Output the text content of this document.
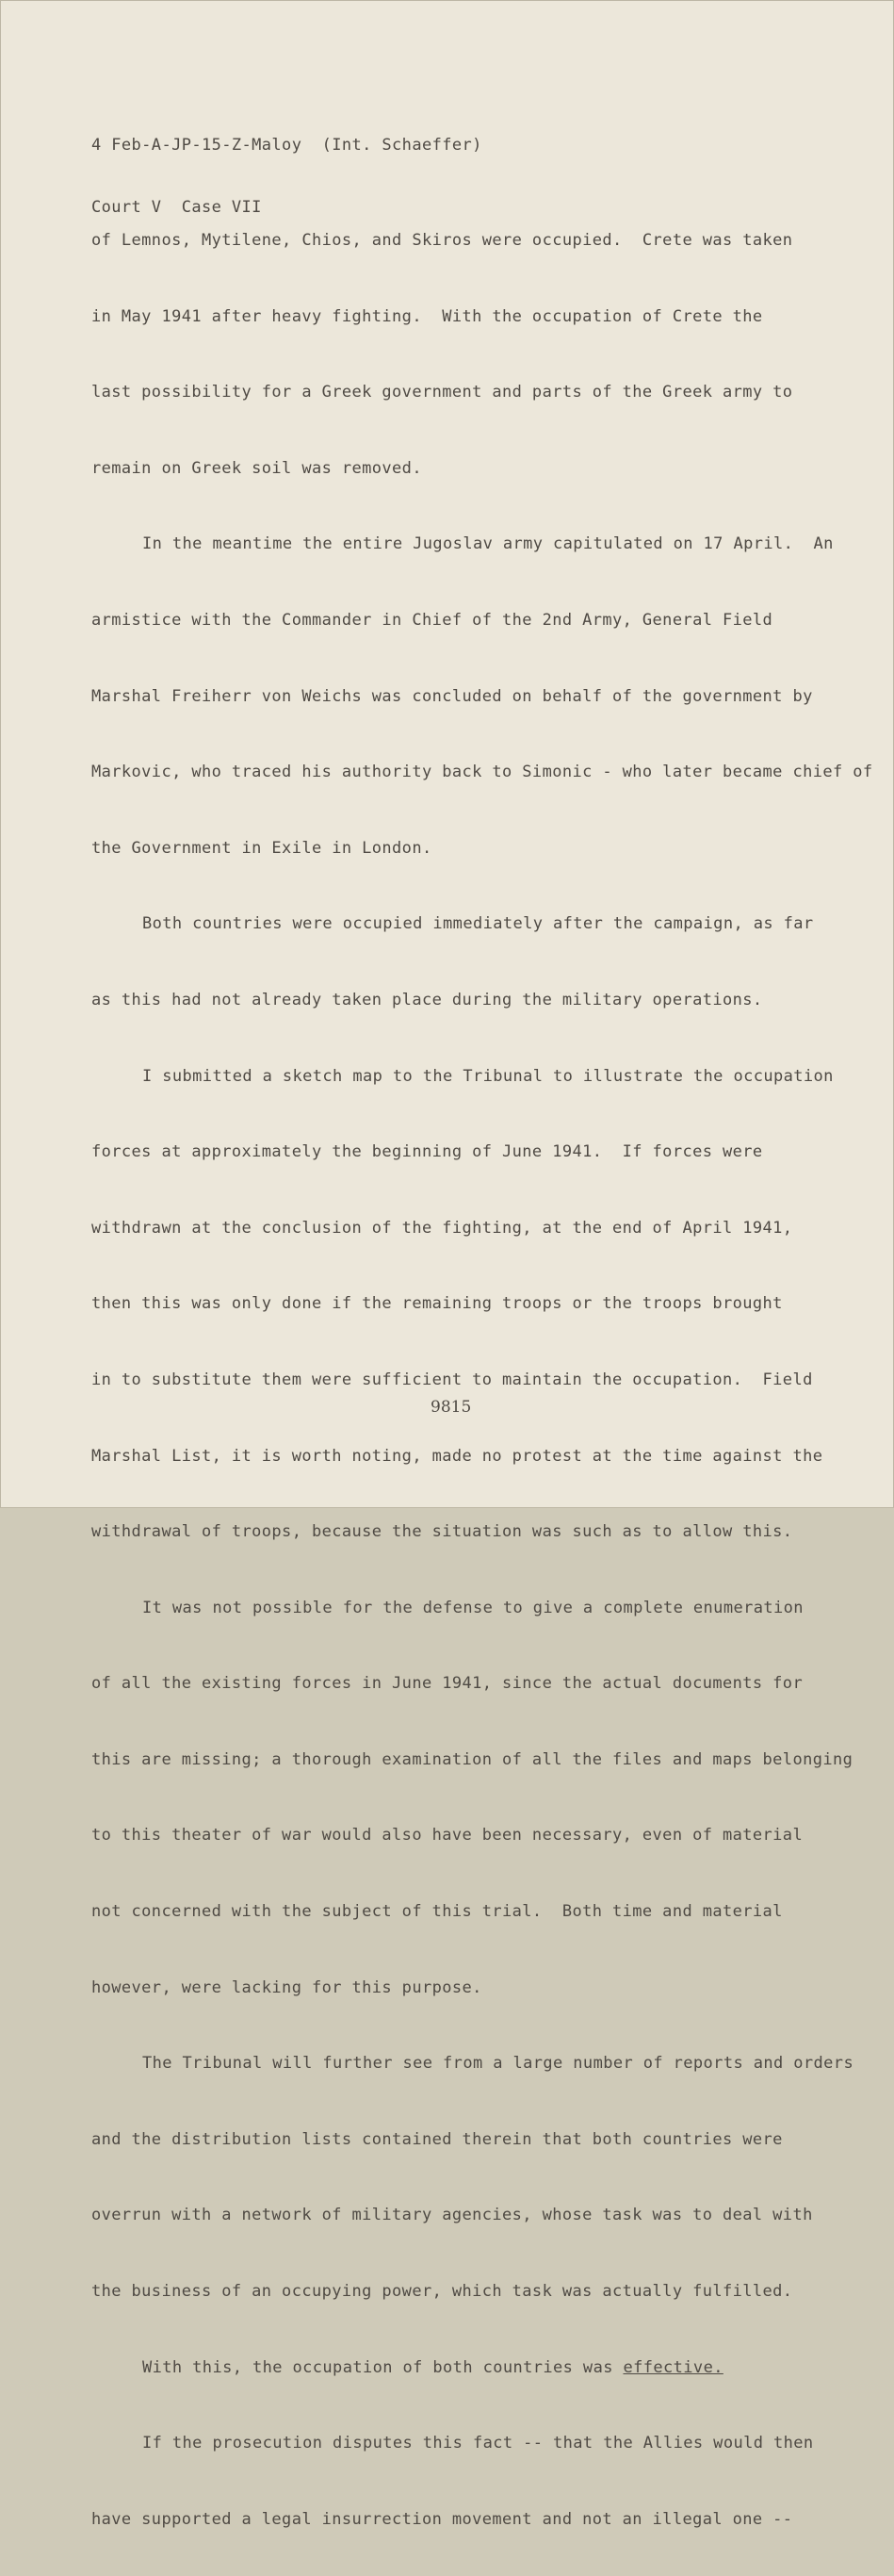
4 Feb-A-JP-15-Z-Maloy  (Int. Schaeffer)

Court V  Case VII

of Lemnos, Mytilene, Chios, and Skiros were occupied.  Crete was taken

in May 1941 after heavy fighting.  With the occupation of Crete the

last possibility for a Greek government and parts of the Greek army to

remain on Greek soil was removed.

In the meantime the entire Jugoslav army capitulated on 17 April.  An

armistice with the Commander in Chief of the 2nd Army, General Field

Marshal Freiherr von Weichs was concluded on behalf of the government by

Markovic, who traced his authority back to Simonic - who later became chief of

the Government in Exile in London.

Both countries were occupied immediately after the campaign, as far

as this had not already taken place during the military operations.

I submitted a sketch map to the Tribunal to illustrate the occupation

forces at approximately the beginning of June 1941.  If forces were

withdrawn at the conclusion of the fighting, at the end of April 1941,

then this was only done if the remaining troops or the troops brought

in to substitute them were sufficient to maintain the occupation.  Field

Marshal List, it is worth noting, made no protest at the time against the

withdrawal of troops, because the situation was such as to allow this.

It was not possible for the defense to give a complete enumeration

of all the existing forces in June 1941, since the actual documents for

this are missing; a thorough examination of all the files and maps belonging

to this theater of war would also have been necessary, even of material

not concerned with the subject of this trial.  Both time and material

however, were lacking for this purpose.

The Tribunal will further see from a large number of reports and orders

and the distribution lists contained therein that both countries were

overrun with a network of military agencies, whose task was to deal with

the business of an occupying power, which task was actually fulfilled.

With this, the occupation of both countries was effective.

If the prosecution disputes this fact -- that the Allies would then

have supported a legal insurrection movement and not an illegal one --

9815
